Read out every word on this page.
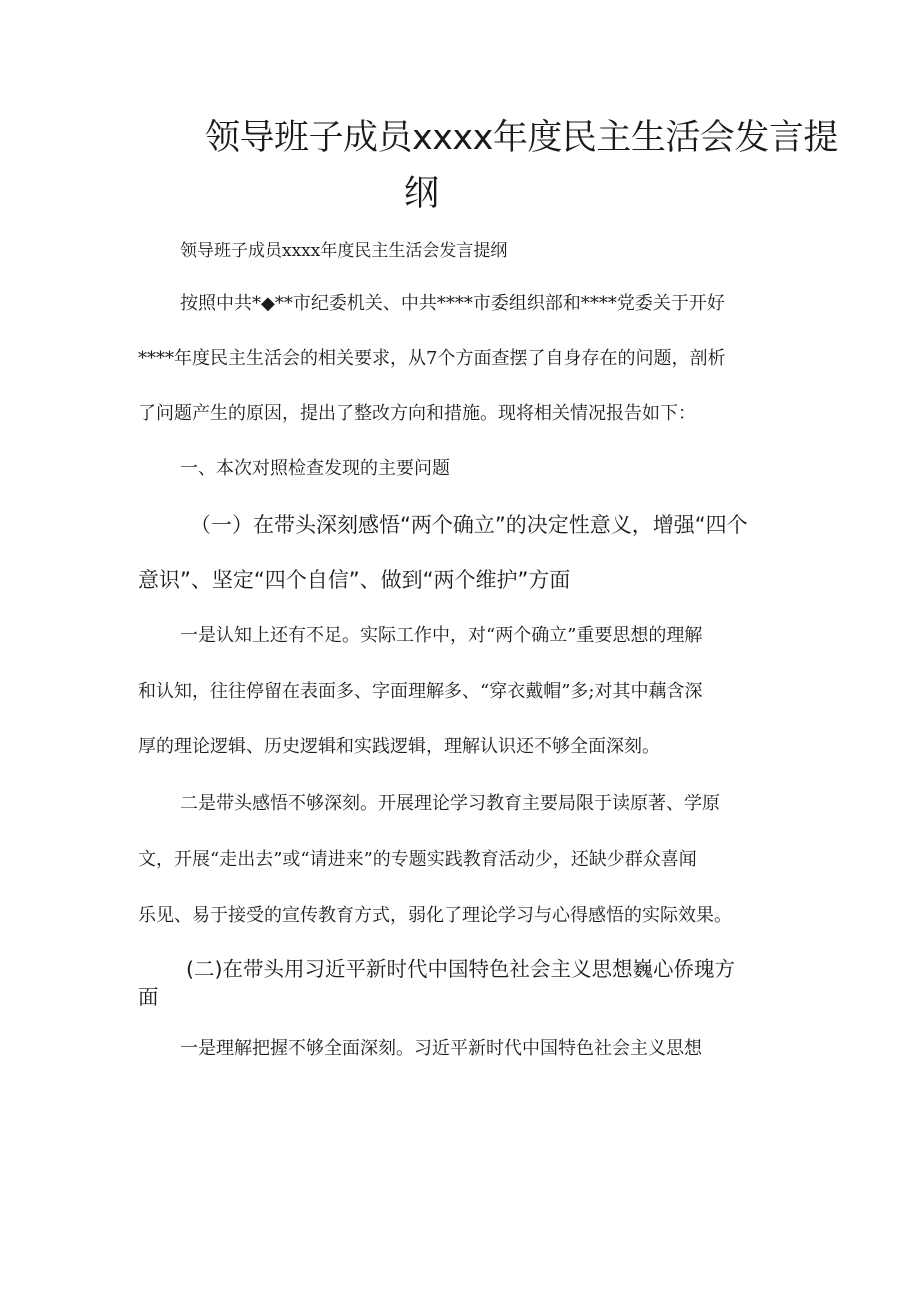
领导班子成员xxxx年度民主生活会发言提
纲

领导班子成员xxxx年度民主生活会发言提纲

按照中共*◆**市纪委机关、中共****市委组织部和****党委关于开好

****年度民主生活会的相关要求，从7个方面查摆了自身存在的问题，剖析

了问题产生的原因，提出了整改方向和措施。现将相关情况报告如下：

一、本次对照检查发现的主要问题

（一）在带头深刻感悟“两个确立”的决定性意义，增强“四个

意识”、坚定“四个自信”、做到“两个维护”方面

一是认知上还有不足。实际工作中，对“两个确立”重要思想的理解

和认知，往往停留在表面多、字面理解多、“穿衣戴帽”多;对其中藕含深

厚的理论逻辑、历史逻辑和实践逻辑，理解认识还不够全面深刻。

二是带头感悟不够深刻。开展理论学习教育主要局限于读原著、学原

文，开展“走出去”或“请进来”的专题实践教育活动少，还缺少群众喜闻

乐见、易于接受的宣传教育方式，弱化了理论学习与心得感悟的实际效果。

(二)在带头用习近平新时代中国特色社会主义思想巍心侨瑰方

面

一是理解把握不够全面深刻。习近平新时代中国特色社会主义思想
